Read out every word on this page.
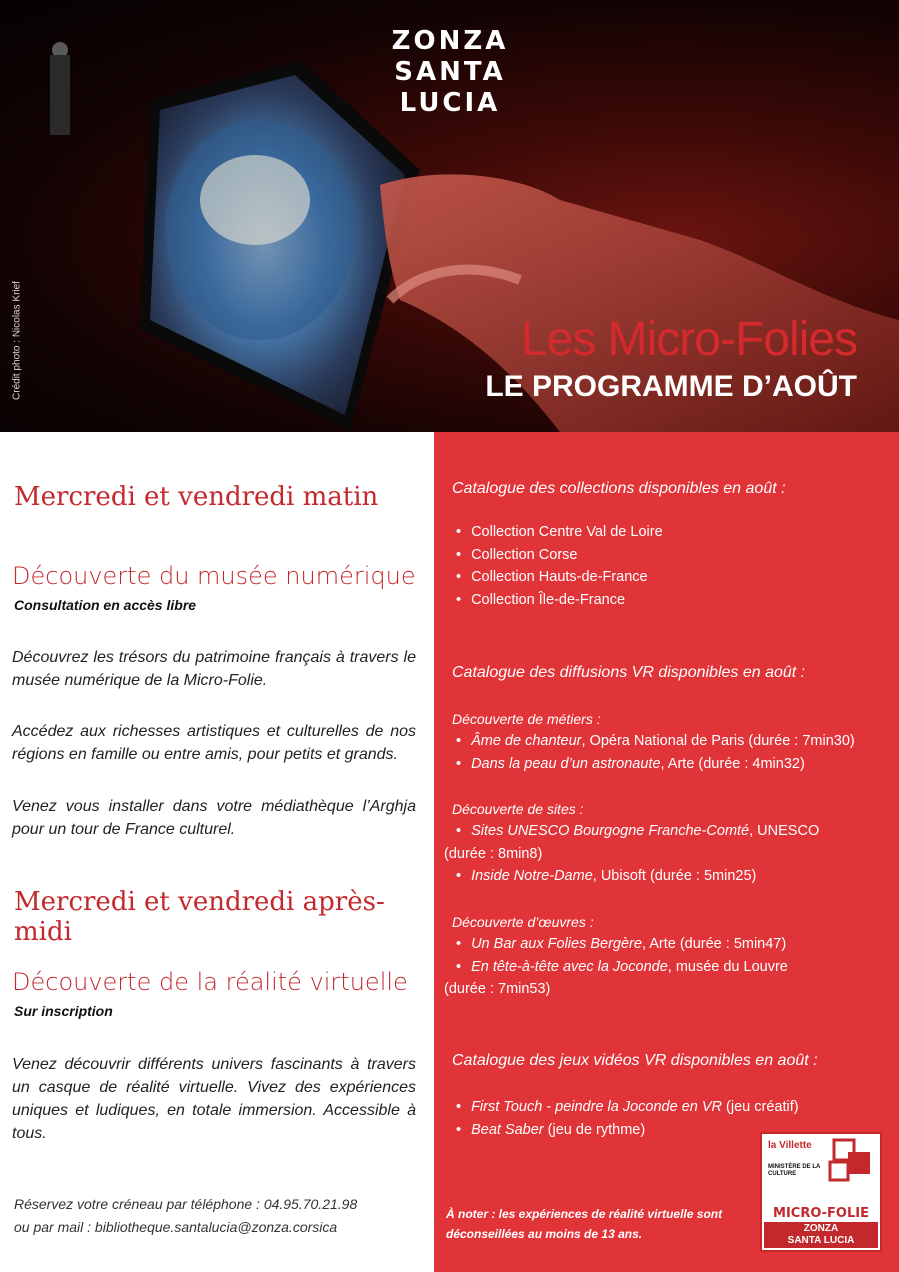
ZONZA
SANTA
LUCIA
Crédit photo : Nicolas Krief	Les Micro-Folies
LE PROGRAMME D’AOÛT
Mercredi et vendredi matin
Découverte du musée numérique
Consultation en accès libre
Découvrez les trésors du patrimoine français à travers le musée numérique de la Micro-Folie.
Accédez aux richesses artistiques et culturelles de nos régions en famille ou entre amis, pour petits et grands.
Venez vous installer dans votre médiathèque l’Arghja pour un tour de France culturel.
Mercredi et vendredi après-midi
Découverte de la réalité virtuelle
Sur inscription
Venez découvrir différents univers fascinants à travers un casque de réalité virtuelle. Vivez des expériences uniques et ludiques, en totale immersion. Accessible à tous.
Réservez votre créneau par téléphone : 04.95.70.21.98
ou par mail : bibliotheque.santalucia@zonza.corsica
Catalogue des collections disponibles en août :
• Collection Centre Val de Loire
• Collection Corse
• Collection Hauts-de-France
• Collection Île-de-France
Catalogue des diffusions VR disponibles en août :
Découverte de métiers :
• Âme de chanteur, Opéra National de Paris (durée : 7min30)
• Dans la peau d’un astronaute, Arte (durée : 4min32)
Découverte de sites :
• Sites UNESCO Bourgogne Franche-Comté, UNESCO
(durée : 8min8)
• Inside Notre-Dame, Ubisoft (durée : 5min25)
Découverte d’œuvres :
• Un Bar aux Folies Bergère, Arte (durée : 5min47)
• En tête-à-tête avec la Joconde, musée du Louvre
(durée : 7min53)
Catalogue des jeux vidéos VR disponibles en août :
• First Touch - peindre la Joconde en VR (jeu créatif)
• Beat Saber (jeu de rythme)
À noter : les expériences de réalité virtuelle sont déconseillées au moins de 13 ans.
la Villette
MINISTÈRE DE LA CULTURE
MICRO-FOLIE
ZONZA
SANTA LUCIA
